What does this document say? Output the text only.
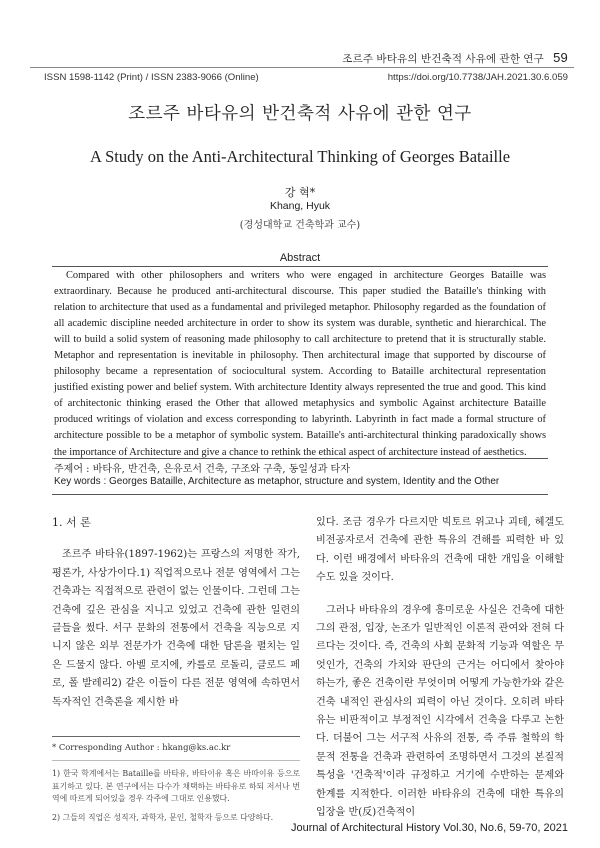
조르주 바타유의 반건축적 사유에 관한 연구 59
ISSN 1598-1142 (Print) / ISSN 2383-9066 (Online)	https://doi.org/10.7738/JAH.2021.30.6.059
조르주 바타유의 반건축적 사유에 관한 연구
A Study on the Anti-Architectural Thinking of Georges Bataille
강 혁*
Khang, Hyuk
(경성대학교 건축학과 교수)
Abstract
Compared with other philosophers and writers who were engaged in architecture Georges Bataille was extraordinary. Because he produced anti-architectural discourse. This paper studied the Bataille's thinking with relation to architecture that used as a fundamental and privileged metaphor. Philosophy regarded as the foundation of all academic discipline needed architecture in order to show its system was durable, synthetic and hierarchical. The will to build a solid system of reasoning made philosophy to call architecture to pretend that it is structurally stable. Metaphor and representation is inevitable in philosophy. Then architectural image that supported by discourse of philosophy became a representation of sociocultural system. According to Bataille architectural representation justified existing power and belief system. With architecture Identity always represented the true and good. This kind of architectonic thinking erased the Other that allowed metaphysics and symbolic Against architecture Bataille produced writings of violation and excess corresponding to labyrinth. Labyrinth in fact made a formal structure of architecture possible to be a metaphor of symbolic system. Bataille's anti-architectural thinking paradoxically shows the importance of Architecture and give a chance to rethink the ethical aspect of architecture instead of aesthetics.
주제어 : 바타유, 반건축, 은유로서 건축, 구조와 구축, 동일성과 타자
Key words : Georges Bataille, Architecture as metaphor, structure and system, Identity and the Other
1. 서 론

조르주 바타유(1897-1962)는 프랑스의 저명한 작가, 평론가, 사상가이다.1) 직업적으로나 전문 영역에서 그는 건축과는 직접적으로 관련이 없는 인물이다. 그런데 그는 건축에 깊은 관심을 지니고 있었고 건축에 관한 일련의 글들을 썼다. 서구 문화의 전통에서 건축을 직능으로 지니지 않은 외부 전문가가 건축에 대한 담론을 펼치는 일은 드물지 않다. 아벨 로지에, 카를로 로돌리, 클로드 페로, 폴 발레리2) 같은 이들이 다른 전문 영역에 속하면서 독자적인 건축론을 제시한 바

* Corresponding Author : hkang@ks.ac.kr

1) 한국 학계에서는 Bataille를 바타유, 바타이유 혹은 바따이유 등으로 표기하고 있다. 본 연구에서는 다수가 채택하는 바타유로 하되 저서나 번역에 따르게 되어있을 경우 각주에 그대로 인용했다.

2) 그들의 직업은 성직자, 과학자, 문인, 철학자 등으로 다양하다.

있다. 조금 경우가 다르지만 빅토르 위고나 괴테, 헤겔도 비전공자로서 건축에 관한 특유의 견해를 피력한 바 있다. 이런 배경에서 바타유의 건축에 대한 개입을 이해할 수도 있을 것이다.

그러나 바타유의 경우에 흥미로운 사실은 건축에 대한 그의 관점, 입장, 논조가 일반적인 이론적 관여와 전혀 다르다는 것이다. 즉, 건축의 사회 문화적 기능과 역할은 무엇인가, 건축의 가치와 판단의 근거는 어디에서 찾아야 하는가, 좋은 건축이란 무엇이며 어떻게 가능한가와 같은 건축 내적인 관심사의 피력이 아닌 것이다. 오히려 바타유는 비판적이고 부정적인 시각에서 건축을 다루고 논한다. 더불어 그는 서구적 사유의 전통, 즉 주류 철학의 학문적 전통을 건축과 관련하여 조명하면서 그것의 본질적 특성을 '건축적'이라 규정하고 거기에 수반하는 문제와 한계를 지적한다. 이러한 바타유의 건축에 대한 특유의 입장을 반(反)건축적이

Journal of Architectural History Vol.30, No.6, 59-70, 2021
